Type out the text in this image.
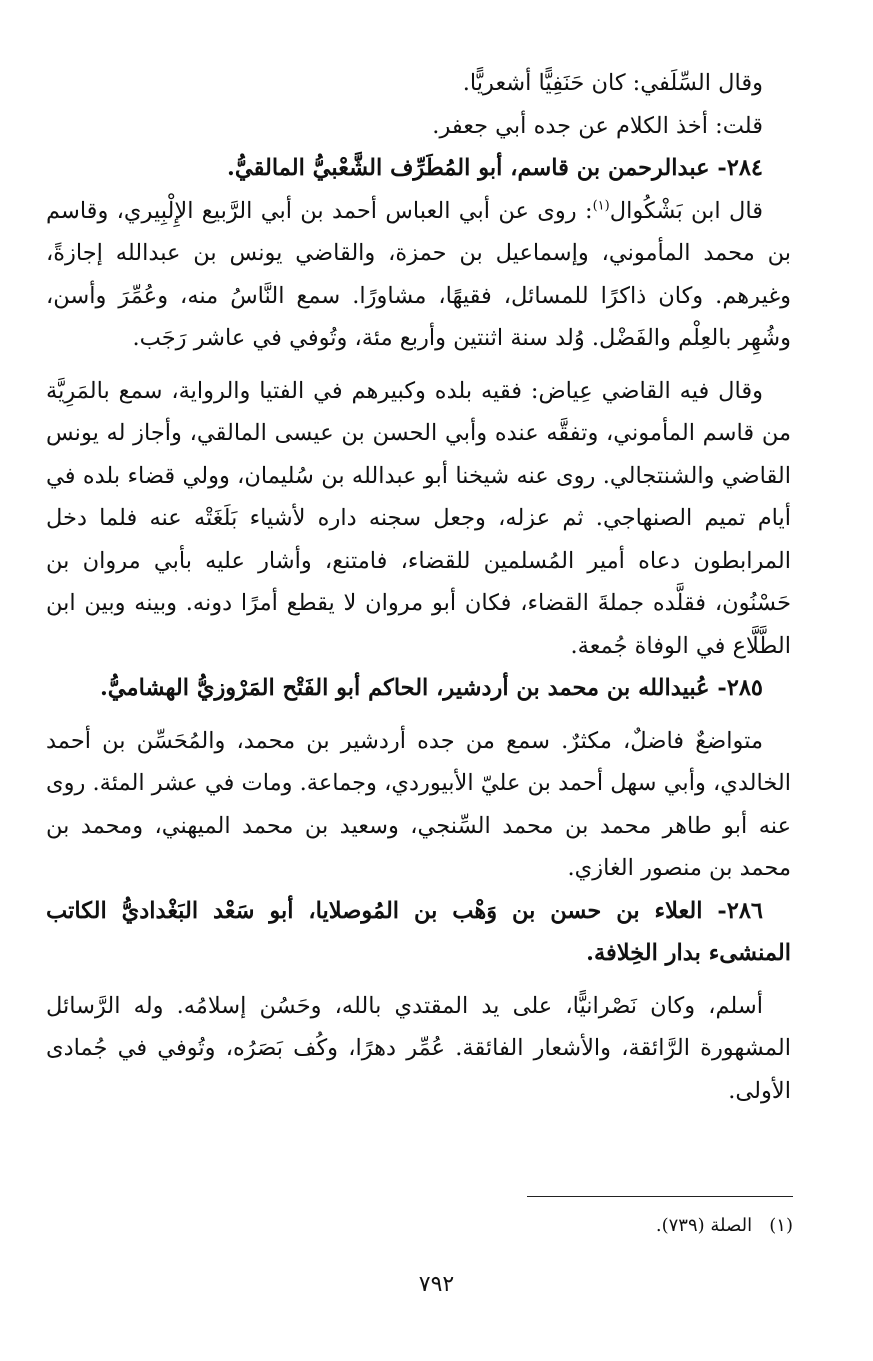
وقال السِّلَفي: كان حَنَفِيًّا أشعريًّا.

قلت: أخذ الكلام عن جده أبي جعفر.

٢٨٤- عبدالرحمن بن قاسم، أبو المُطَرِّف الشَّعْبيُّ المالقيُّ.

قال ابن بَشْكُوال$^{(١)}$: روى عن أبي العباس أحمد بن أبي الرَّبيع الإِلْبِيري، وقاسم بن محمد المأموني، وإسماعيل بن حمزة، والقاضي يونس بن عبدالله إجازةً، وغيرهم. وكان ذاكرًا للمسائل، فقيهًا، مشاورًا. سمع النَّاسُ منه، وعُمِّرَ وأسن، وشُهِر بالعِلْم والفَضْل. وُلد سنة اثنتين وأربع مئة، وتُوفي في عاشر رَجَب.

وقال فيه القاضي عِياض: فقيه بلده وكبيرهم في الفتيا والرواية، سمع بالمَرِيَّة من قاسم المأموني، وتفقَّه عنده وأبي الحسن بن عيسى المالقي، وأجاز له يونس القاضي والشنتجالي. روى عنه شيخنا أبو عبدالله بن سُليمان، وولي قضاء بلده في أيام تميم الصنهاجي. ثم عزله، وجعل سجنه داره لأشياء بَلَغَتْه عنه فلما دخل المرابطون دعاه أمير المُسلمين للقضاء، فامتنع، وأشار عليه بأبي مروان بن حَسْنُون، فقلَّده جملةَ القضاء، فكان أبو مروان لا يقطع أمرًا دونه. وبينه وبين ابن الطَّلَّاع في الوفاة جُمعة.

٢٨٥- عُبيدالله بن محمد بن أردشير، الحاكم أبو الفَتْح المَرْوزيُّ الهشاميُّ.

متواضعٌ فاضلٌ، مكثرٌ. سمع من جده أردشير بن محمد، والمُحَسِّن بن أحمد الخالدي، وأبي سهل أحمد بن عليّ الأبيوردي، وجماعة. ومات في عشر المئة. روى عنه أبو طاهر محمد بن محمد السِّنجي، وسعيد بن محمد الميهني، ومحمد بن محمد بن منصور الغازي.

٢٨٦- العلاء بن حسن بن وَهْب بن المُوصلايا، أبو سَعْد البَغْداديُّ الكاتب المنشىء بدار الخِلافة.

أسلم، وكان نَصْرانيًّا، على يد المقتدي بالله، وحَسُن إسلامُه. وله الرَّسائل المشهورة الرَّائقة، والأشعار الفائقة. عُمِّر دهرًا، وكُف بَصَرُه، وتُوفي في جُمادى الأولى.

(١)   الصلة (٧٣٩).
٧٩٢
